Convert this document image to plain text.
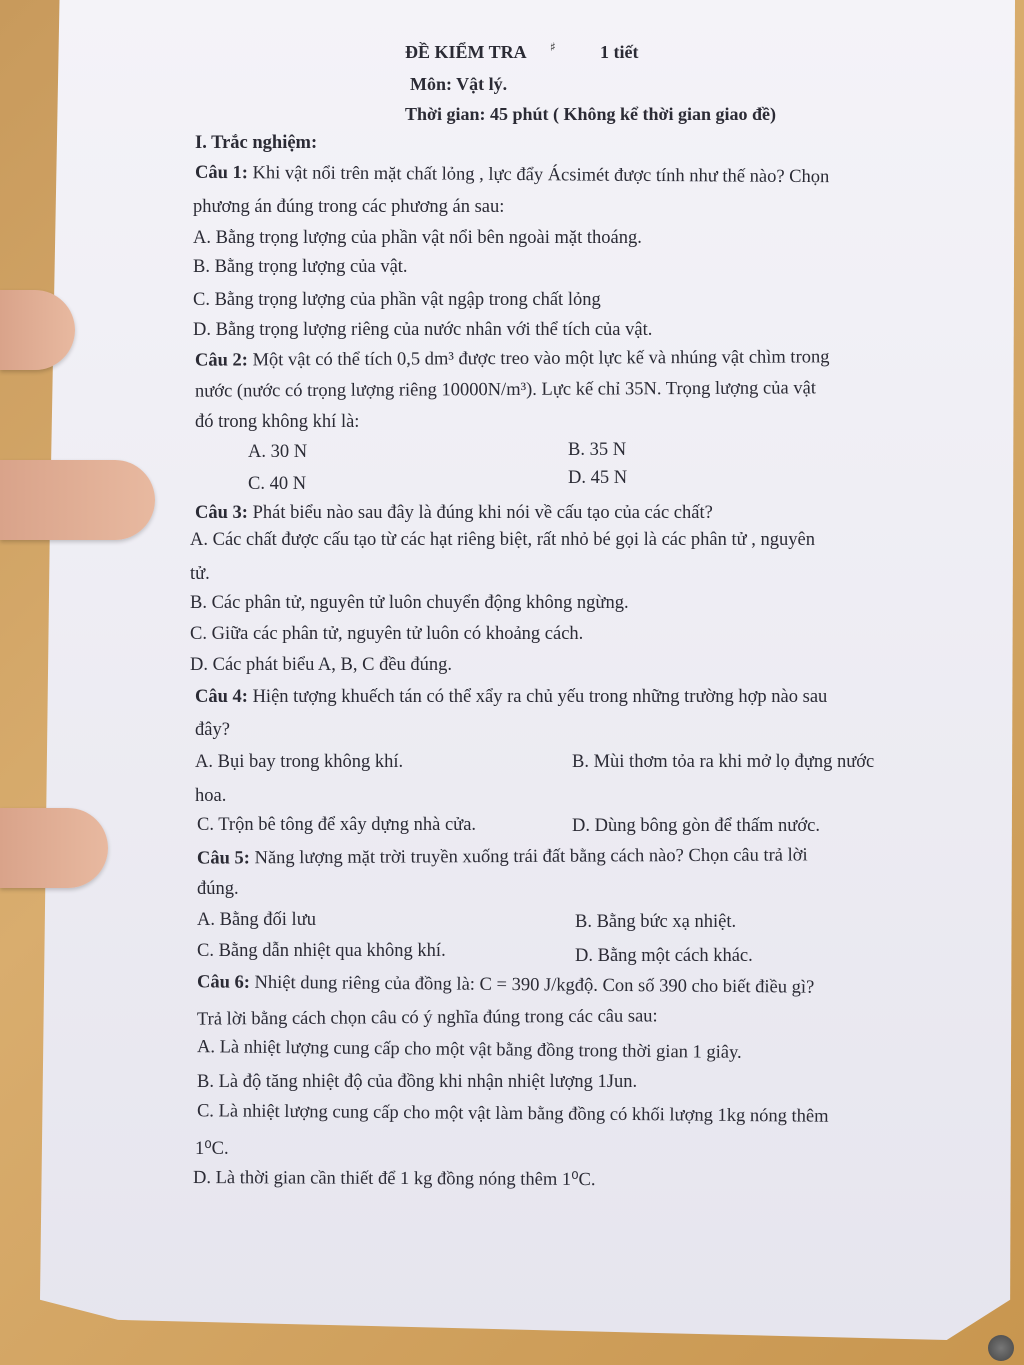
ĐỀ KIỂM TRA ♯	1 tiết
Môn: Vật lý.
Thời gian: 45 phút ( Không kể thời gian giao đề)
I. Trắc nghiệm:
Câu 1: Khi vật nổi trên mặt chất lỏng , lực đẩy Ácsimét được tính như thế nào? Chọn
phương án đúng trong các phương án sau:
A. Bằng trọng lượng của phần vật nổi bên ngoài mặt thoáng.
B. Bằng trọng lượng của vật.
C. Bằng trọng lượng của phần vật ngập trong chất lỏng
D. Bằng trọng lượng riêng của nước nhân với thể tích của vật.
Câu 2: Một vật có thể tích 0,5 dm³ được treo vào một lực kế và nhúng vật chìm trong
nước (nước có trọng lượng riêng 10000N/m³). Lực kế chỉ 35N. Trọng lượng của vật
đó trong không khí là:
A. 30 N	B. 35 N
C. 40 N	D. 45 N
Câu 3: Phát biểu nào sau đây là đúng khi nói về cấu tạo của các chất?
A. Các chất được cấu tạo từ các hạt riêng biệt, rất nhỏ bé gọi là các phân tử , nguyên
tử.
B. Các phân tử, nguyên tử luôn chuyển động không ngừng.
C. Giữa các phân tử, nguyên tử luôn có khoảng cách.
D. Các phát biểu A, B, C đều đúng.
Câu 4: Hiện tượng khuếch tán có thể xẩy ra chủ yếu trong những trường hợp nào sau
đây?
A. Bụi bay trong không khí.	B. Mùi thơm tỏa ra khi mở lọ đựng nước
hoa.
C. Trộn bê tông để xây dựng nhà cửa.	D. Dùng bông gòn để thấm nước.
Câu 5: Năng lượng mặt trời truyền xuống trái đất bằng cách nào? Chọn câu trả lời
đúng.
A. Bằng đối lưu	B. Bằng bức xạ nhiệt.
C. Bằng dẫn nhiệt qua không khí.	D. Bằng một cách khác.
Câu 6: Nhiệt dung riêng của đồng là: C = 390 J/kgđộ. Con số 390 cho biết điều gì?
Trả lời bằng cách chọn câu có ý nghĩa đúng trong các câu sau:
A. Là nhiệt lượng cung cấp cho một vật bằng đồng trong thời gian 1 giây.
B. Là độ tăng nhiệt độ của đồng khi nhận nhiệt lượng 1Jun.
C. Là nhiệt lượng cung cấp cho một vật làm bằng đồng có khối lượng 1kg nóng thêm
1⁰C.
D. Là thời gian cần thiết để 1 kg đồng nóng thêm 1⁰C.
